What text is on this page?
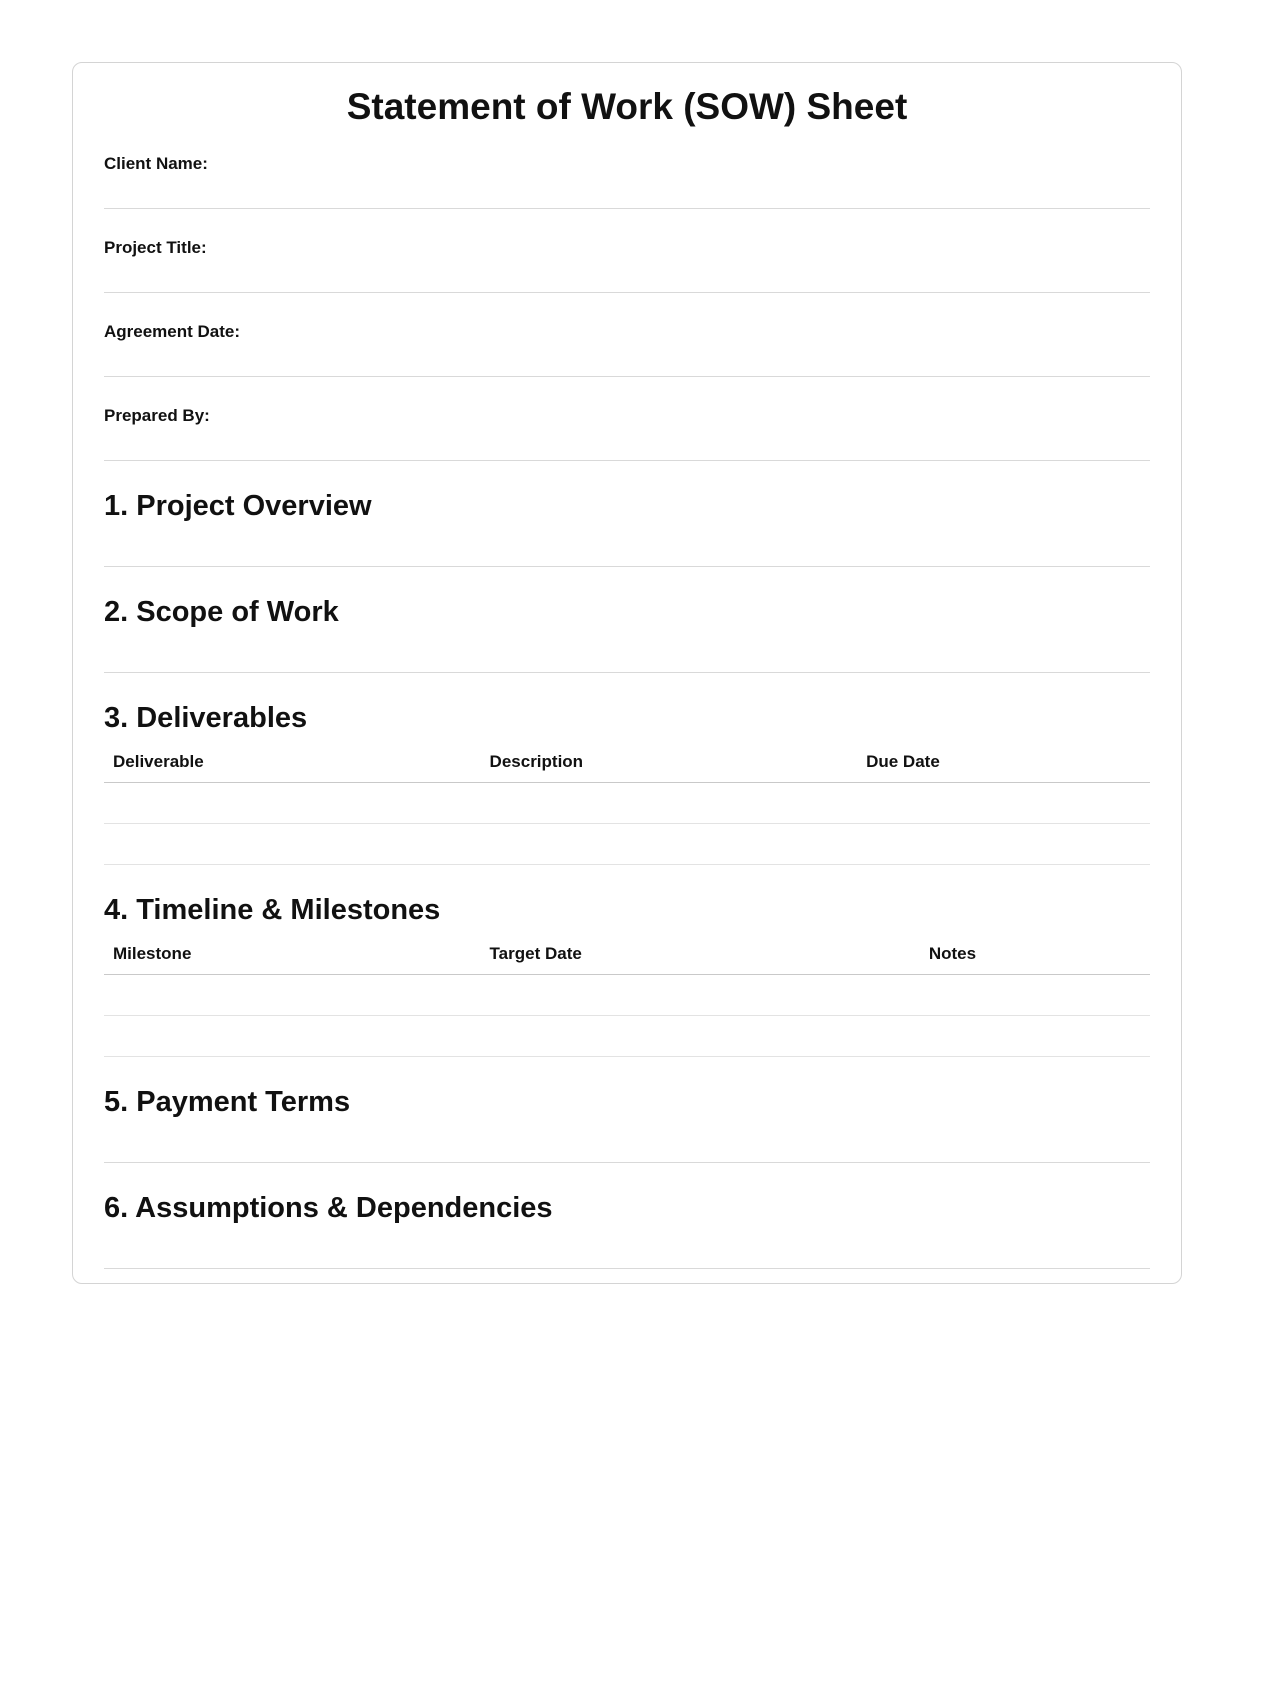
Statement of Work (SOW) Sheet
Client Name:
Project Title:
Agreement Date:
Prepared By:
1. Project Overview
2. Scope of Work
3. Deliverables
Deliverable	Description	Due Date
4. Timeline & Milestones
Milestone	Target Date	Notes
5. Payment Terms
6. Assumptions & Dependencies
